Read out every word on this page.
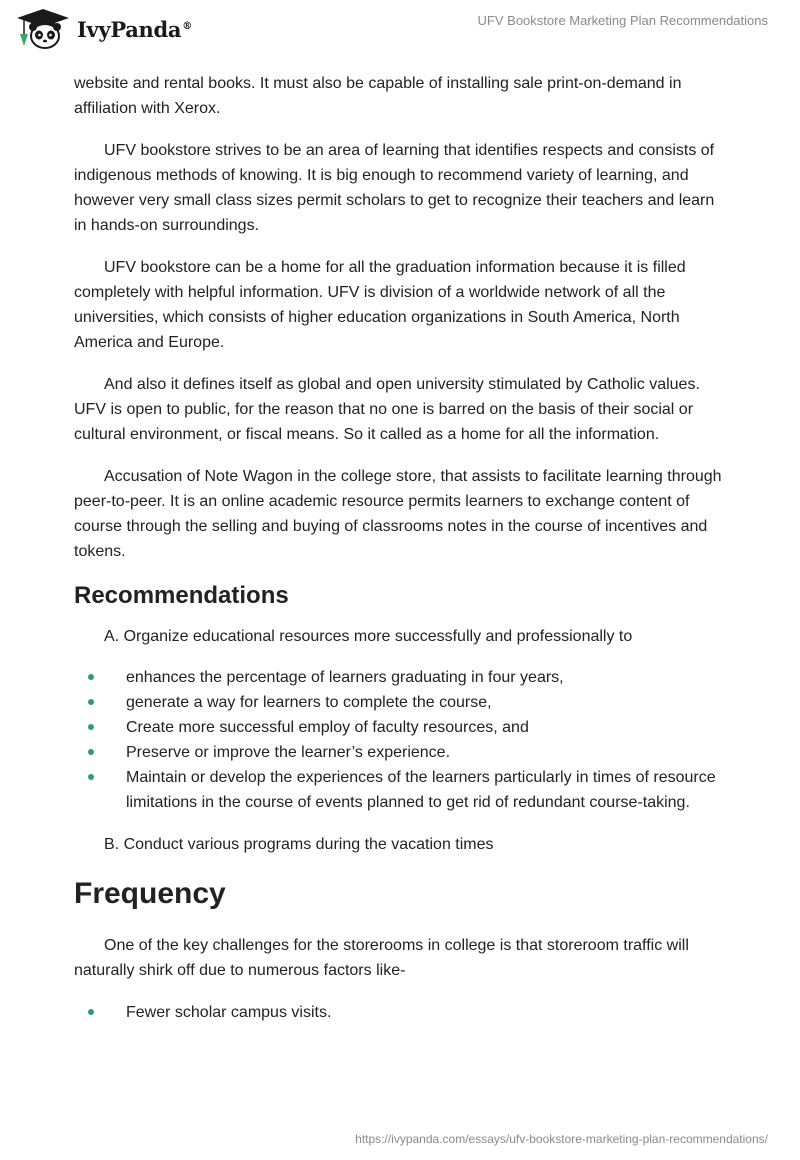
IvyPanda®	UFV Bookstore Marketing Plan Recommendations

website and rental books. It must also be capable of installing sale print-on-demand in affiliation with Xerox.

UFV bookstore strives to be an area of learning that identifies respects and consists of indigenous methods of knowing. It is big enough to recommend variety of learning, and however very small class sizes permit scholars to get to recognize their teachers and learn in hands-on surroundings.

UFV bookstore can be a home for all the graduation information because it is filled completely with helpful information. UFV is division of a worldwide network of all the universities, which consists of higher education organizations in South America, North America and Europe.

And also it defines itself as global and open university stimulated by Catholic values. UFV is open to public, for the reason that no one is barred on the basis of their social or cultural environment, or fiscal means. So it called as a home for all the information.

Accusation of Note Wagon in the college store, that assists to facilitate learning through peer-to-peer. It is an online academic resource permits learners to exchange content of course through the selling and buying of classrooms notes in the course of incentives and tokens.

Recommendations

A. Organize educational resources more successfully and professionally to

enhances the percentage of learners graduating in four years,
generate a way for learners to complete the course,
Create more successful employ of faculty resources, and
Preserve or improve the learner’s experience.
Maintain or develop the experiences of the learners particularly in times of resource limitations in the course of events planned to get rid of redundant course-taking.

B. Conduct various programs during the vacation times

Frequency

One of the key challenges for the storerooms in college is that storeroom traffic will naturally shirk off due to numerous factors like-

Fewer scholar campus visits.
https://ivypanda.com/essays/ufv-bookstore-marketing-plan-recommendations/
